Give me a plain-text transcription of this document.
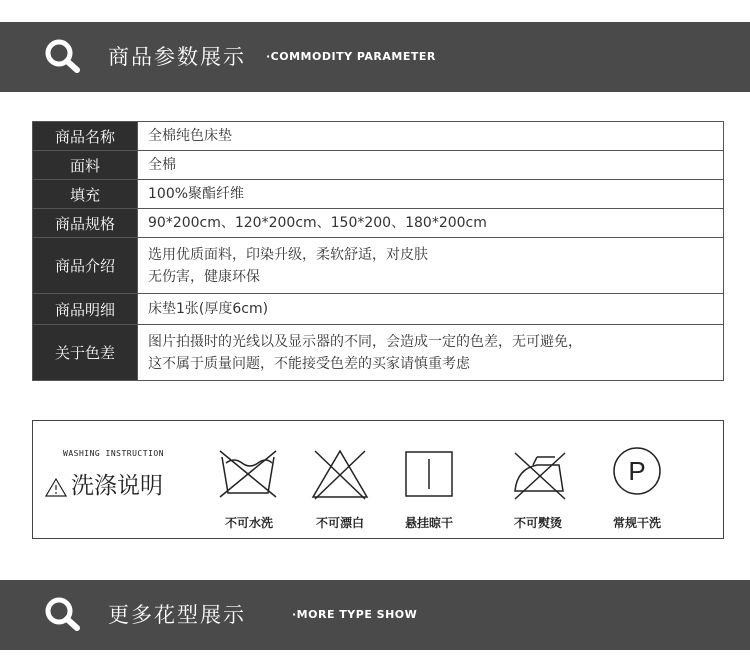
商品参数展示 ·COMMODITY PARAMETER
商品名称	全棉纯色床垫
面料	全棉
填充	100%聚酯纤维
商品规格	90*200cm、120*200cm、150*200、180*200cm
商品介绍	选用优质面料，印染升级，柔软舒适，对皮肤
无伤害，健康环保

商品明细	床垫1张(厚度6cm)
关于色差	图片拍摄时的光线以及显示器的不同，会造成一定的色差，无可避免，
这不属于质量问题，不能接受色差的买家请慎重考虑
WASHING INSTRUCTION
洗涤说明
不可水洗	不可漂白	悬挂晾干	不可熨烫
P
常规干洗
更多花型展示	·MORE TYPE SHOW
